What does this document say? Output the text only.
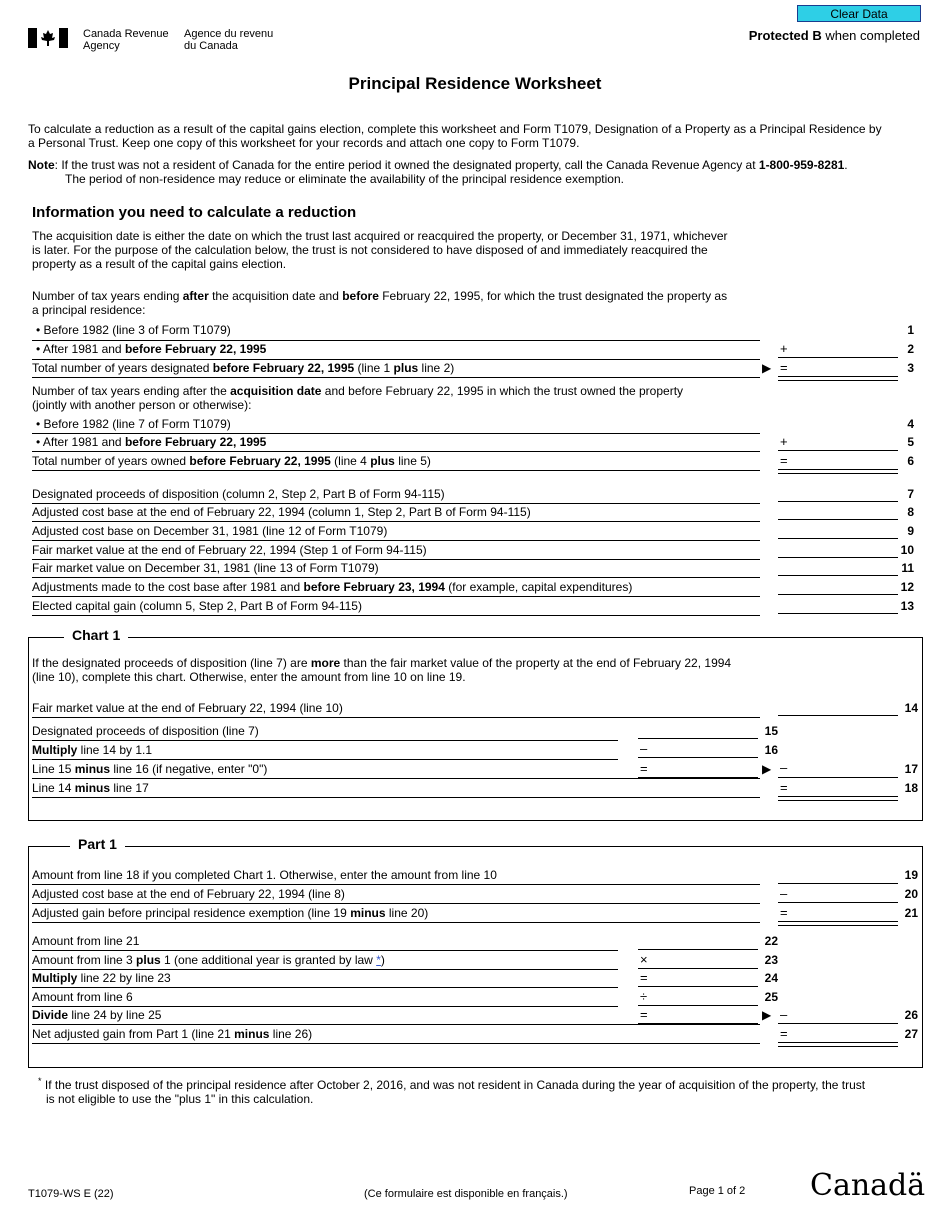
Canada Revenue
Agency
Agence du revenu
du Canada
Clear Data
Protected B when completed
Principal Residence Worksheet
To calculate a reduction as a result of the capital gains election, complete this worksheet and Form T1079, Designation of a Property as a Principal Residence by
a Personal Trust. Keep one copy of this worksheet for your records and attach one copy to Form T1079.
Note: If the trust was not a resident of Canada for the entire period it owned the designated property, call the Canada Revenue Agency at 1-800-959-8281.
The period of non-residence may reduce or eliminate the availability of the principal residence exemption.
Information you need to calculate a reduction
The acquisition date is either the date on which the trust last acquired or reacquired the property, or December 31, 1971, whichever
is later. For the purpose of the calculation below, the trust is not considered to have disposed of and immediately reacquired the
property as a result of the capital gains election.
Number of tax years ending after the acquisition date and before February 22, 1995, for which the trust designated the property as
a principal residence:
• Before 1982 (line 3 of Form T1079)	1
• After 1981 and before February 22, 1995	+	2
Total number of years designated before February 22, 1995 (line 1 plus line 2)	▶ =	3
Number of tax years ending after the acquisition date and before February 22, 1995 in which the trust owned the property
(jointly with another person or otherwise):
• Before 1982 (line 7 of Form T1079)	4
• After 1981 and before February 22, 1995	+	5
Total number of years owned before February 22, 1995 (line 4 plus line 5)	=	6
Designated proceeds of disposition (column 2, Step 2, Part B of Form 94-115)	7
Adjusted cost base at the end of February 22, 1994 (column 1, Step 2, Part B of Form 94-115)	8
Adjusted cost base on December 31, 1981 (line 12 of Form T1079)	9
Fair market value at the end of February 22, 1994 (Step 1 of Form 94-115)	10
Fair market value on December 31, 1981 (line 13 of Form T1079)	11
Adjustments made to the cost base after 1981 and before February 23, 1994 (for example, capital expenditures)	12
Elected capital gain (column 5, Step 2, Part B of Form 94-115)	13
Chart 1
If the designated proceeds of disposition (line 7) are more than the fair market value of the property at the end of February 22, 1994
(line 10), complete this chart. Otherwise, enter the amount from line 10 on line 19.
Fair market value at the end of February 22, 1994 (line 10)	14
Designated proceeds of disposition (line 7)	15
Multiply line 14 by 1.1	–	16
Line 15 minus line 16 (if negative, enter "0")	=	▶ –	17
Line 14 minus line 17	=	18
Part 1
Amount from line 18 if you completed Chart 1. Otherwise, enter the amount from line 10	19
Adjusted cost base at the end of February 22, 1994 (line 8)	–	20
Adjusted gain before principal residence exemption (line 19 minus line 20)	=	21
Amount from line 21	22
Amount from line 3 plus 1 (one additional year is granted by law *)	×	23
Multiply line 22 by line 23	=	24
Amount from line 6	÷	25
Divide line 24 by line 25	=	▶ –	26
Net adjusted gain from Part 1 (line 21 minus line 26)	=	27
* If the trust disposed of the principal residence after October 2, 2016, and was not resident in Canada during the year of acquisition of the property, the trust
is not eligible to use the "plus 1" in this calculation.
T1079-WS E (22)	(Ce formulaire est disponible en français.)	Page 1 of 2 Canadä
